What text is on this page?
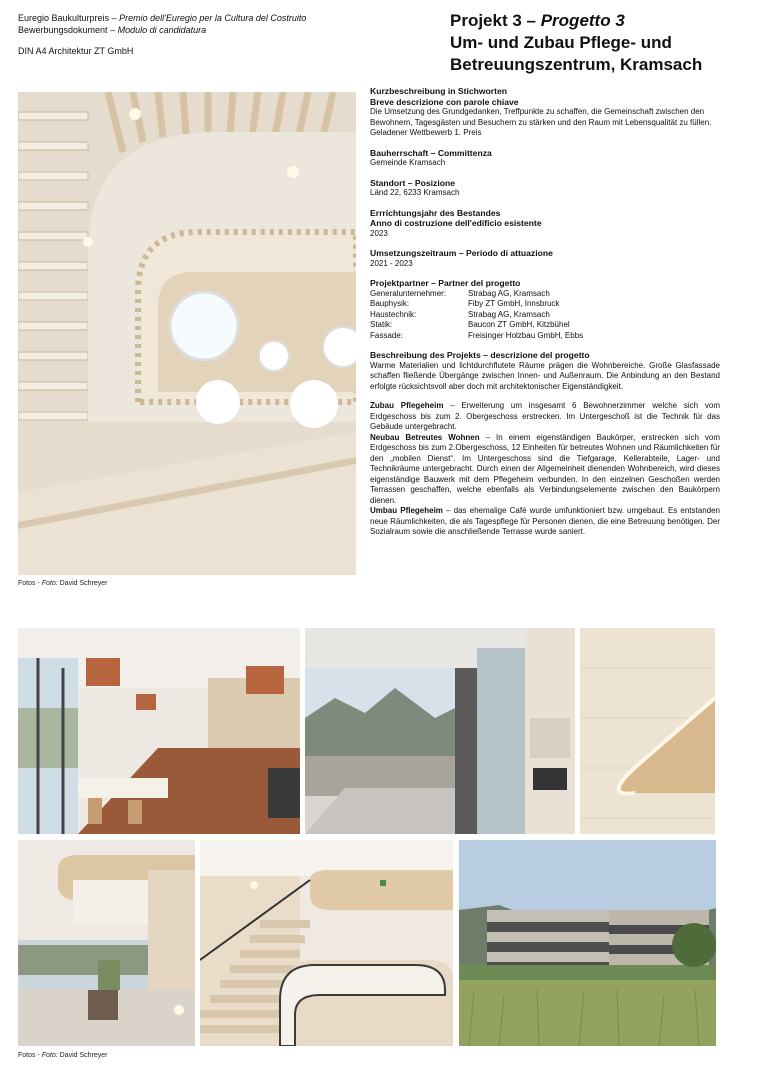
Euregio Baukulturpreis – Premio dell'Euregio per la Cultura del Costruito
Bewerbungsdokument – Modulo di candidatura
DIN A4 Architektur ZT GmbH
Projekt 3 – Progetto 3
Um- und Zubau Pflege- und Betreuungszentrum, Kramsach
Fotos - Foto: David Schreyer
Kurzbeschreibung in Stichworten
Breve descrizione con parole chiave
Die Umsetzung des Grundgedanken, Treffpunkte zu schaffen, die Gemeinschaft zwischen den Bewohnern, Tagesgästen und Besuchern zu stärken und den Raum mit Lebensqualität zu füllen. Geladener Wettbewerb 1. Preis
Bauherrschaft – Committenza
Gemeinde Kramsach
Standort – Posizione
Länd 22, 6233 Kramsach
Errrichtungsjahr des Bestandes
Anno di costruzione dell'edificio esistente
2023
Umsetzungszeitraum – Periodo di attuazione
2021 - 2023
Projektpartner – Partner del progetto
Generalunternehmer:	Strabag AG, Kramsach
Bauphysik:	Fiby ZT GmbH, Innsbruck
Haustechnik:	Strabag AG, Kramsach
Statik:	Baucon ZT GmbH, Kitzbühel
Fassade:	Freisinger Holzbau GmbH, Ebbs
Beschreibung des Projekts – descrizione del progetto
Warme Materialien und lichtdurchflutete Räume prägen die Wohnbereiche. Große Glasfassade schaffen fließende Übergänge zwischen Innen- und Außenraum. Die Anbindung an den Bestand erfolgte rücksichtsvoll aber doch mit architektonischer Eigenständigkeit.
Zubau Pflegeheim – Erweiterung um insgesamt 6 Bewohnerzimmer welche sich vom Erdgeschoss bis zum 2. Obergeschoss erstrecken. Im Untergeschoß ist die Technik für das Gebäude untergebracht.
Neubau Betreutes Wohnen – In einem eigenständigen Baukörper, erstrecken sich vom Erdgeschoss bis zum 2.Obergeschoss, 12 Einheiten für betreutes Wohnen und Räumlichkeiten für den „mobilen Dienst“. Im Untergeschoss sind die Tiefgarage, Kellerabteile, Lager- und Technikräume untergebracht. Durch einen der Allgemeinheit dienenden Wohnbereich, wird dieses eigenständige Bauwerk mit dem Pflegeheim verbunden. In den einzelnen Geschoßen werden Terrassen geschaffen, welche ebenfalls als Verbindungselemente zwischen den Baukörpern dienen.
Umbau Pflegeheim – das ehemalige Café wurde umfunktioniert bzw. umgebaut. Es entstanden neue Räumlichkeiten, die als Tagespflege für Personen dienen, die eine Betreuung benötigen. Der Sozialraum sowie die anschließende Terrasse wurde saniert.
Fotos - Foto: David Schreyer
